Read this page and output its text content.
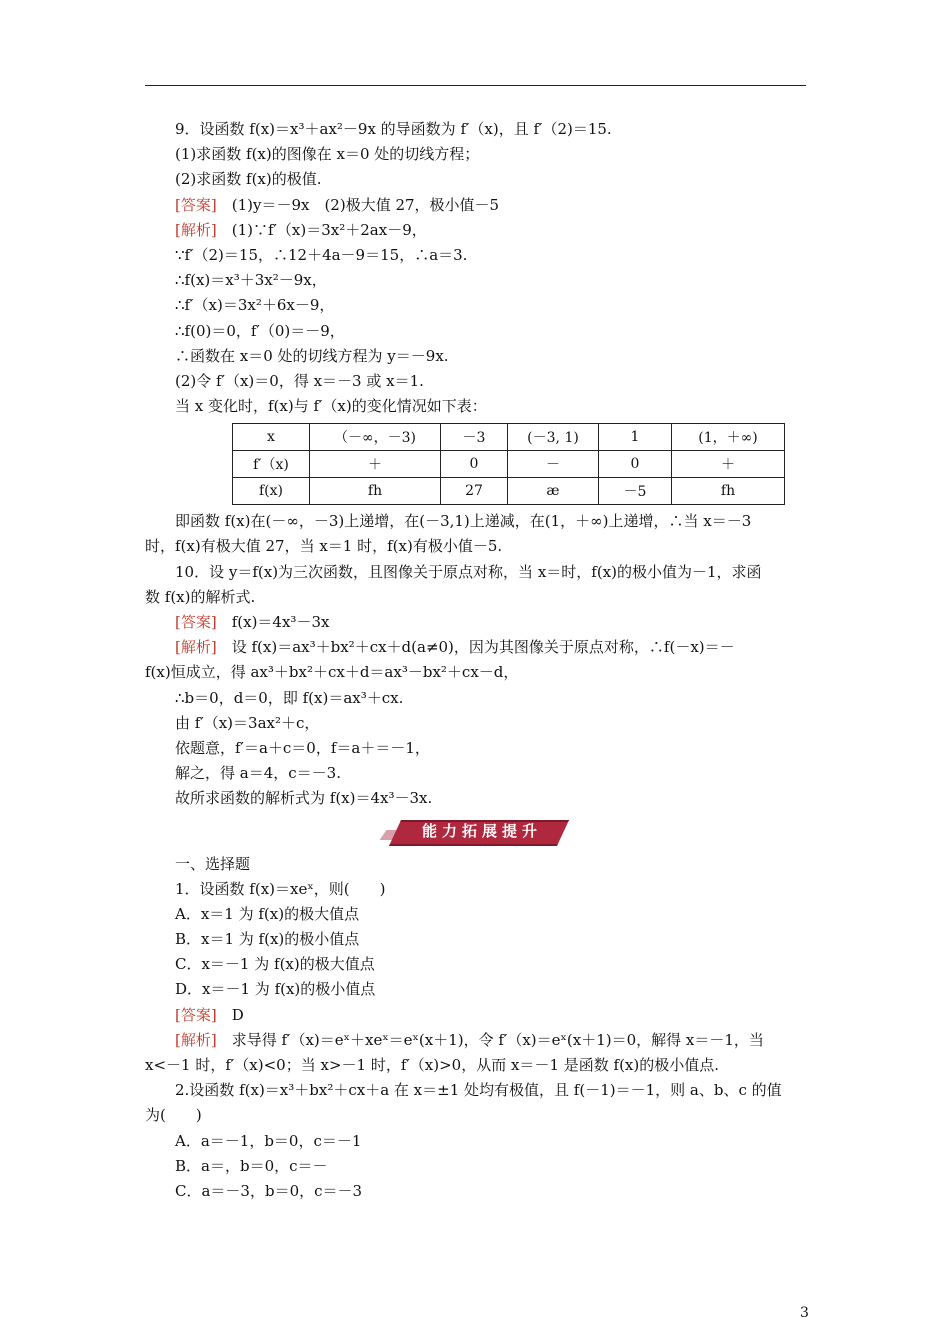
9．设函数 f(x)＝x³＋ax²－9x 的导函数为 f′（x)，且 f′（2)＝15.
(1)求函数 f(x)的图像在 x＝0 处的切线方程；
(2)求函数 f(x)的极值.
[答案]　(1)y＝－9x　(2)极大值 27，极小值－5
[解析]　(1)∵f′（x)＝3x²＋2ax－9，
∵f′（2)＝15，∴12＋4a－9＝15，∴a＝3.
∴f(x)＝x³＋3x²－9x，
∴f′（x)＝3x²＋6x－9，
∴f(0)＝0，f′（0)＝－9，
∴函数在 x＝0 处的切线方程为 y＝－9x.
(2)令 f′（x)＝0，得 x＝－3 或 x＝1.
当 x 变化时，f(x)与 f′（x)的变化情况如下表：
x	（－∞，－3)	－3	(－3, 1)	1	(1，＋∞)
f′（x)	＋	0	－	0	＋
f(x)	fh	27	æ	－5	fh
即函数 f(x)在(－∞，－3)上递增，在(－3,1)上递减，在(1，＋∞)上递增，∴当 x＝－3
时，f(x)有极大值 27，当 x＝1 时，f(x)有极小值－5.
10．设 y＝f(x)为三次函数，且图像关于原点对称，当 x＝时，f(x)的极小值为－1，求函
数 f(x)的解析式.
[答案]　f(x)＝4x³－3x
[解析]　设 f(x)＝ax³＋bx²＋cx＋d(a≠0)，因为其图像关于原点对称，∴f(－x)＝－
f(x)恒成立，得 ax³＋bx²＋cx＋d＝ax³－bx²＋cx－d，
∴b＝0，d＝0，即 f(x)＝ax³＋cx.
由 f′（x)＝3ax²＋c，
依题意，f′＝a＋c＝0，f＝a＋＝－1，
解之，得 a＝4，c＝－3.
故所求函数的解析式为 f(x)＝4x³－3x.
能力拓展提升
一、选择题
1．设函数 f(x)＝xeˣ，则(　　)
A．x＝1 为 f(x)的极大值点
B．x＝1 为 f(x)的极小值点
C．x＝－1 为 f(x)的极大值点
D．x＝－1 为 f(x)的极小值点
[答案]　D
[解析]　求导得 f′（x)＝eˣ＋xeˣ＝eˣ(x＋1)，令 f′（x)＝eˣ(x＋1)＝0，解得 x＝－1，当
x<－1 时，f′（x)<0；当 x>－1 时，f′（x)>0，从而 x＝－1 是函数 f(x)的极小值点.
2.设函数 f(x)＝x³＋bx²＋cx＋a 在 x＝±1 处均有极值，且 f(－1)＝－1，则 a、b、c 的值
为(　　)
A．a＝－1，b＝0，c＝－1
B．a＝，b＝0，c＝－
C．a＝－3，b＝0，c＝－3
3
